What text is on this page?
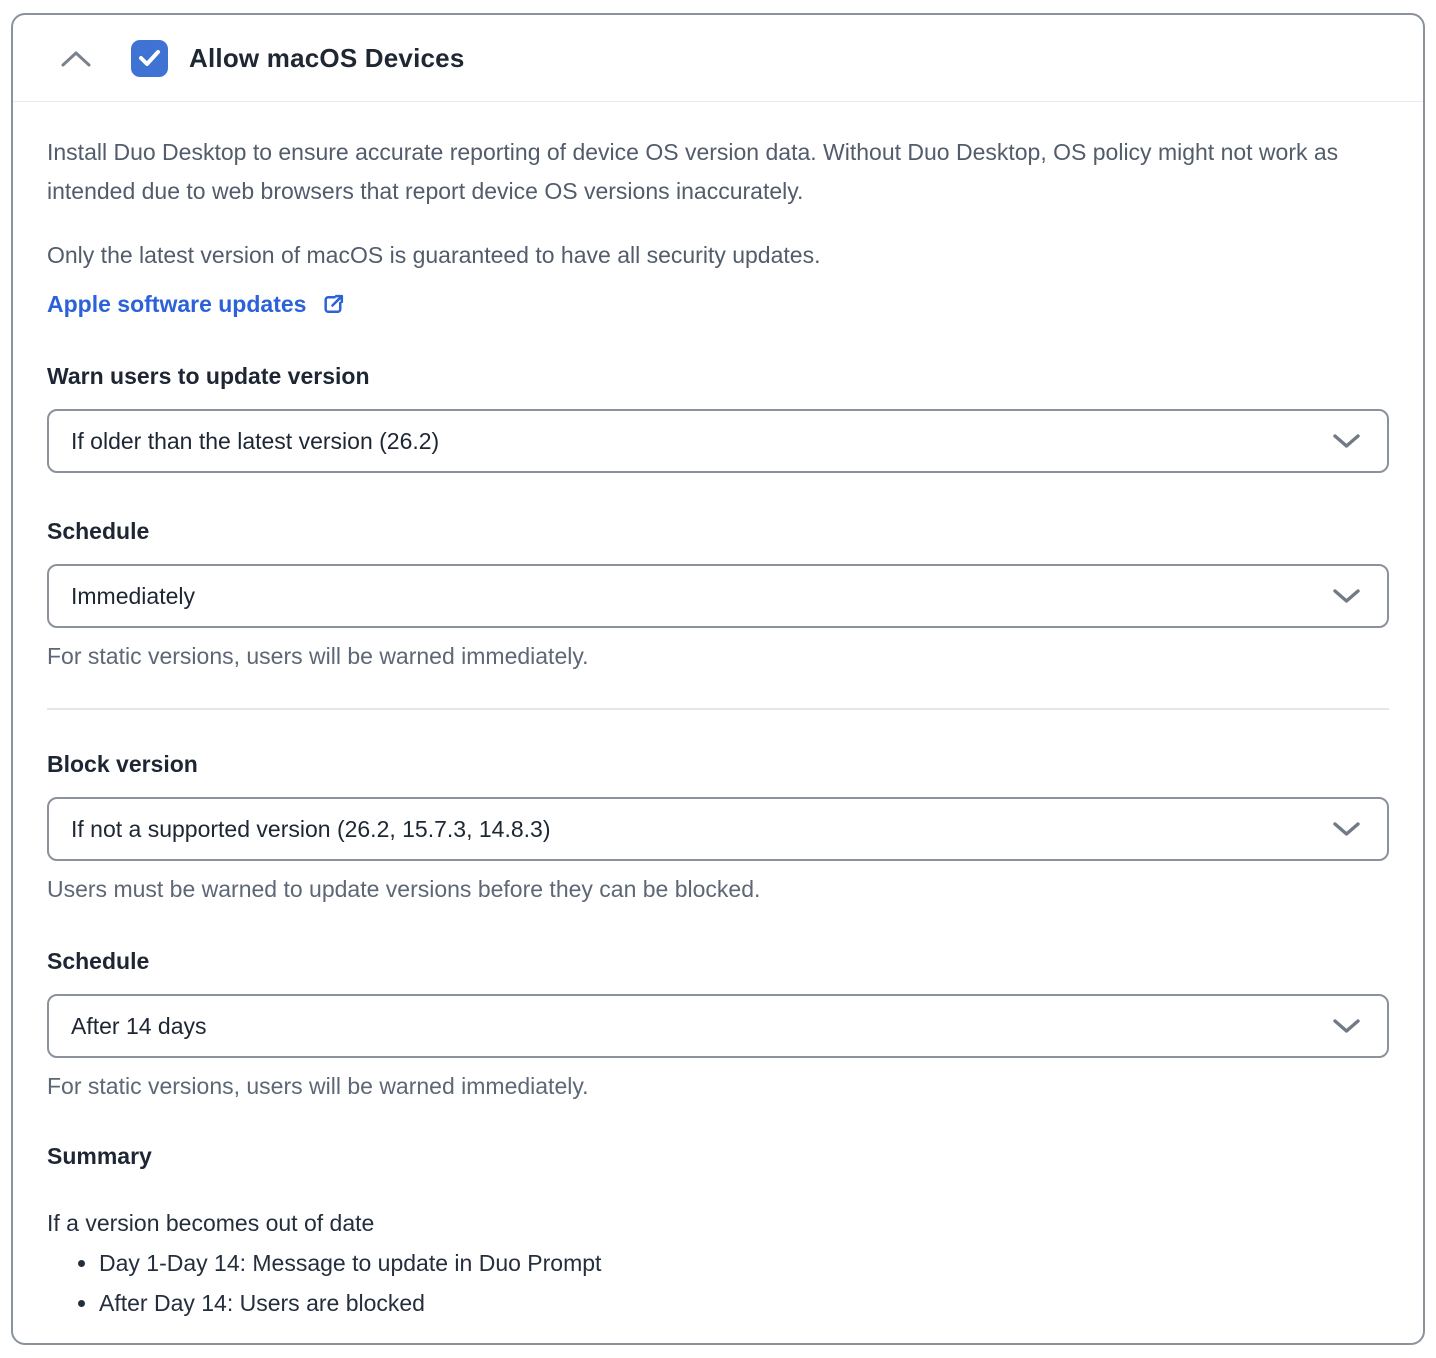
Allow macOS Devices

Install Duo Desktop to ensure accurate reporting of device OS version data. Without Duo Desktop, OS policy might not work as intended due to web browsers that report device OS versions inaccurately.

Only the latest version of macOS is guaranteed to have all security updates.

Apple software updates
Warn users to update version
If older than the latest version (26.2)
Schedule
Immediately
For static versions, users will be warned immediately.
Block version
If not a supported version (26.2, 15.7.3, 14.8.3)
Users must be warned to update versions before they can be blocked.
Schedule
After 14 days
For static versions, users will be warned immediately.
Summary
If a version becomes out of date
• Day 1-Day 14: Message to update in Duo Prompt
• After Day 14: Users are blocked
